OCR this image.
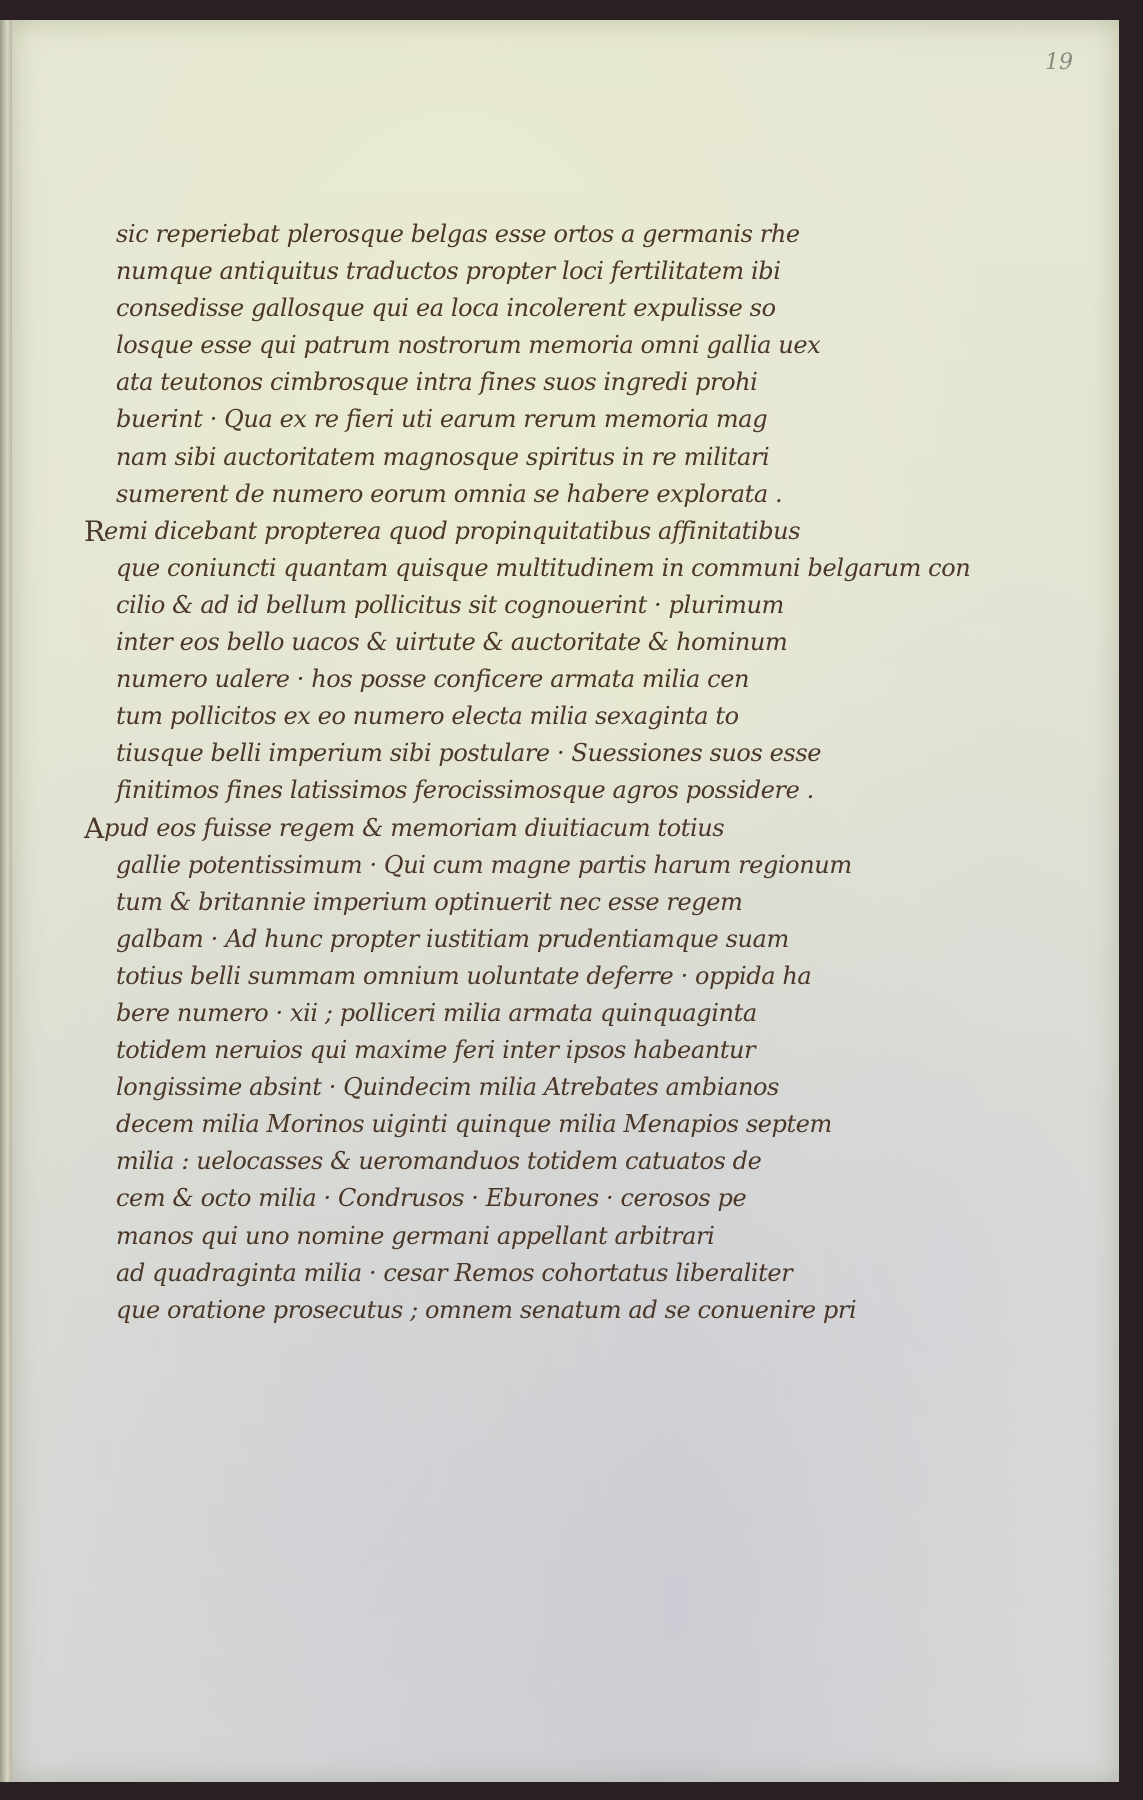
19
sic reperiebat plerosque belgas esse ortos a germanis rhe
numque antiquitus traductos propter loci fertilitatem ibi
consedisse gallosque qui ea loca incolerent expulisse so
losque esse qui patrum nostrorum memoria omni gallia uex
ata teutonos cimbrosque intra fines suos ingredi prohi
buerint · Qua ex re fieri uti earum rerum memoria mag
nam sibi auctoritatem magnosque spiritus in re militari
sumerent de numero eorum omnia se habere explorata .
R emi dicebant propterea quod propinquitatibus affinitatibus
que coniuncti quantam quisque multitudinem in communi belgarum con
cilio & ad id bellum pollicitus sit cognouerint · plurimum
inter eos bello uacos & uirtute & auctoritate & hominum
numero ualere · hos posse conficere armata milia cen
tum pollicitos ex eo numero electa milia sexaginta to
tiusque belli imperium sibi postulare · Suessiones suos esse
finitimos fines latissimos ferocissimosque agros possidere .
A pud eos fuisse regem & memoriam diuitiacum totius
gallie potentissimum · Qui cum magne partis harum regionum
tum & britannie imperium optinuerit nec esse regem
galbam · Ad hunc propter iustitiam prudentiamque suam
totius belli summam omnium uoluntate deferre · oppida ha
bere numero · xii ; polliceri milia armata quinquaginta
totidem neruios qui maxime feri inter ipsos habeantur
longissime absint · Quindecim milia Atrebates ambianos
decem milia Morinos uiginti quinque milia Menapios septem
milia : uelocasses & ueromanduos totidem catuatos de
cem & octo milia · Condrusos · Eburones · cerosos pe
manos qui uno nomine germani appellant arbitrari
ad quadraginta milia · cesar Remos cohortatus liberaliter
que oratione prosecutus ; omnem senatum ad se conuenire pri
